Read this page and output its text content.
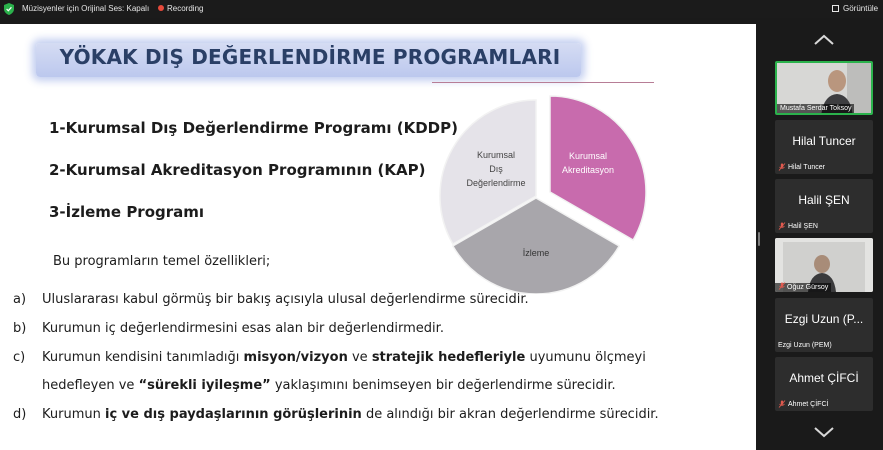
Müzisyenler için Orijinal Ses: Kapalı Recording	Görüntüle
YÖKAK DIŞ DEĞERLENDİRME PROGRAMLARI
1-Kurumsal Dış Değerlendirme Programı (KDDP)
2-Kurumsal Akreditasyon Programının (KAP)
3-İzleme Programı
Bu programların temel özellikleri;
a) Uluslararası kabul görmüş bir bakış açısıyla ulusal değerlendirme sürecidir.
b) Kurumun iç değerlendirmesini esas alan bir değerlendirmedir.
c) Kurumun kendisini tanımladığı misyon/vizyon ve stratejik hedefleriyle uyumunu ölçmeyi
hedefleyen ve “sürekli iyileşme” yaklaşımını benimseyen bir değerlendirme sürecidir.
d) Kurumun iç ve dış paydaşlarının görüşlerinin de alındığı bir akran değerlendirme sürecidir.
Kurumsal
Akreditasyon
İzleme
Kurumsal
Dış
Değerlendirme
Mustafa Serdar Toksoy
Hilal Tuncer
Hilal Tuncer
Halil ŞEN
Halil ŞEN
Oğuz Gürsoy
Ezgi Uzun (P...
Ezgi Uzun (PEM)
Ahmet ÇİFCİ
Ahmet ÇİFCİ
